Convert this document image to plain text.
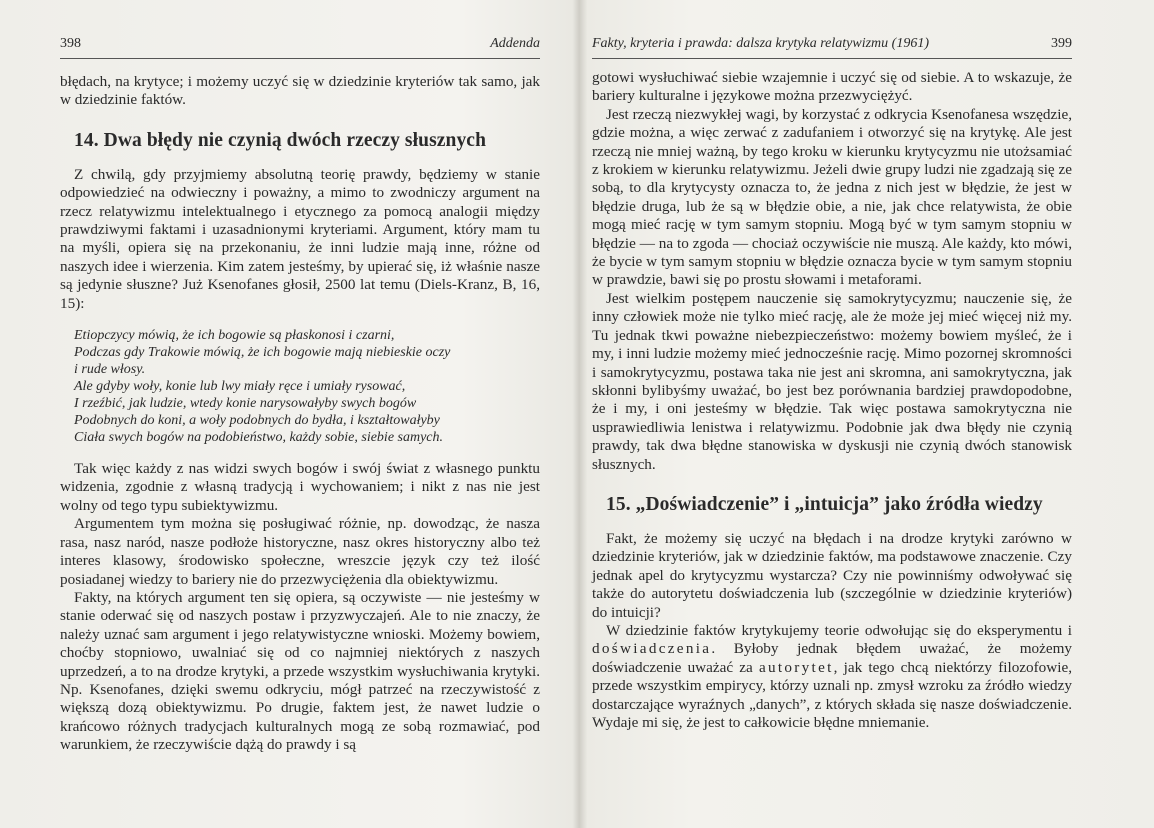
398	Addenda

błędach, na krytyce; i możemy uczyć się w dziedzinie kryteriów tak samo, jak w dziedzinie faktów.

14. Dwa błędy nie czynią dwóch rzeczy słusznych

Z chwilą, gdy przyjmiemy absolutną teorię prawdy, będziemy w stanie odpowiedzieć na odwieczny i poważny, a mimo to zwodniczy argument na rzecz relatywizmu intelektualnego i etycznego za pomocą analogii między prawdziwymi faktami i uzasadnionymi kryteriami. Argument, który mam tu na myśli, opiera się na przekonaniu, że inni ludzie mają inne, różne od naszych idee i wierzenia. Kim zatem jesteśmy, by upierać się, iż właśnie nasze są jedynie słuszne? Już Ksenofanes głosił, 2500 lat temu (Diels-Kranz, B, 16, 15):

Etiopczycy mówią, że ich bogowie są płaskonosi i czarni,
Podczas gdy Trakowie mówią, że ich bogowie mają niebieskie oczy
i rude włosy.
Ale gdyby woły, konie lub lwy miały ręce i umiały rysować,
I rzeźbić, jak ludzie, wtedy konie narysowałyby swych bogów
Podobnych do koni, a woły podobnych do bydła, i kształtowałyby
Ciała swych bogów na podobieństwo, każdy sobie, siebie samych.

Tak więc każdy z nas widzi swych bogów i swój świat z własnego punktu widzenia, zgodnie z własną tradycją i wychowaniem; i nikt z nas nie jest wolny od tego typu subiektywizmu.

Argumentem tym można się posługiwać różnie, np. dowodząc, że nasza rasa, nasz naród, nasze podłoże historyczne, nasz okres historyczny albo też interes klasowy, środowisko społeczne, wreszcie język czy też ilość posiadanej wiedzy to bariery nie do przezwyciężenia dla obiektywizmu.

Fakty, na których argument ten się opiera, są oczywiste — nie jesteśmy w stanie oderwać się od naszych postaw i przyzwyczajeń. Ale to nie znaczy, że należy uznać sam argument i jego relatywistyczne wnioski. Możemy bowiem, choćby stopniowo, uwalniać się od co najmniej niektórych z naszych uprzedzeń, a to na drodze krytyki, a przede wszystkim wysłuchiwania krytyki. Np. Ksenofanes, dzięki swemu odkryciu, mógł patrzeć na rzeczywistość z większą dozą obiektywizmu. Po drugie, faktem jest, że nawet ludzie o krańcowo różnych tradycjach kulturalnych mogą ze sobą rozmawiać, pod warunkiem, że rzeczywiście dążą do prawdy i są

Fakty, kryteria i prawda: dalsza krytyka relatywizmu (1961)	399

gotowi wysłuchiwać siebie wzajemnie i uczyć się od siebie. A to wskazuje, że bariery kulturalne i językowe można przezwyciężyć.

Jest rzeczą niezwykłej wagi, by korzystać z odkrycia Ksenofanesa wszędzie, gdzie można, a więc zerwać z zadufaniem i otworzyć się na krytykę. Ale jest rzeczą nie mniej ważną, by tego kroku w kierunku krytycyzmu nie utożsamiać z krokiem w kierunku relatywizmu. Jeżeli dwie grupy ludzi nie zgadzają się ze sobą, to dla krytycysty oznacza to, że jedna z nich jest w błędzie, że jest w błędzie druga, lub że są w błędzie obie, a nie, jak chce relatywista, że obie mogą mieć rację w tym samym stopniu. Mogą być w tym samym stopniu w błędzie — na to zgoda — chociaż oczywiście nie muszą. Ale każdy, kto mówi, że bycie w tym samym stopniu w błędzie oznacza bycie w tym samym stopniu w prawdzie, bawi się po prostu słowami i metaforami.

Jest wielkim postępem nauczenie się samokrytycyzmu; nauczenie się, że inny człowiek może nie tylko mieć rację, ale że może jej mieć więcej niż my. Tu jednak tkwi poważne niebezpieczeństwo: możemy bowiem myśleć, że i my, i inni ludzie możemy mieć jednocześnie rację. Mimo pozornej skromności i samokrytycyzmu, postawa taka nie jest ani skromna, ani samokrytyczna, jak skłonni bylibyśmy uważać, bo jest bez porównania bardziej prawdopodobne, że i my, i oni jesteśmy w błędzie. Tak więc postawa samokrytyczna nie usprawiedliwia lenistwa i relatywizmu. Podobnie jak dwa błędy nie czynią prawdy, tak dwa błędne stanowiska w dyskusji nie czynią dwóch stanowisk słusznych.

15. „Doświadczenie” i „intuicja” jako źródła wiedzy

Fakt, że możemy się uczyć na błędach i na drodze krytyki zarówno w dziedzinie kryteriów, jak w dziedzinie faktów, ma podstawowe znaczenie. Czy jednak apel do krytycyzmu wystarcza? Czy nie powinniśmy odwoływać się także do autorytetu doświadczenia lub (szczególnie w dziedzinie kryteriów) do intuicji?

W dziedzinie faktów krytykujemy teorie odwołując się do eksperymentu i doświadczenia. Byłoby jednak błędem uważać, że możemy doświadczenie uważać za autorytet, jak tego chcą niektórzy filozofowie, przede wszystkim empirycy, którzy uznali np. zmysł wzroku za źródło wiedzy dostarczające wyraźnych „danych”, z których składa się nasze doświadczenie. Wydaje mi się, że jest to całkowicie błędne mniemanie.
